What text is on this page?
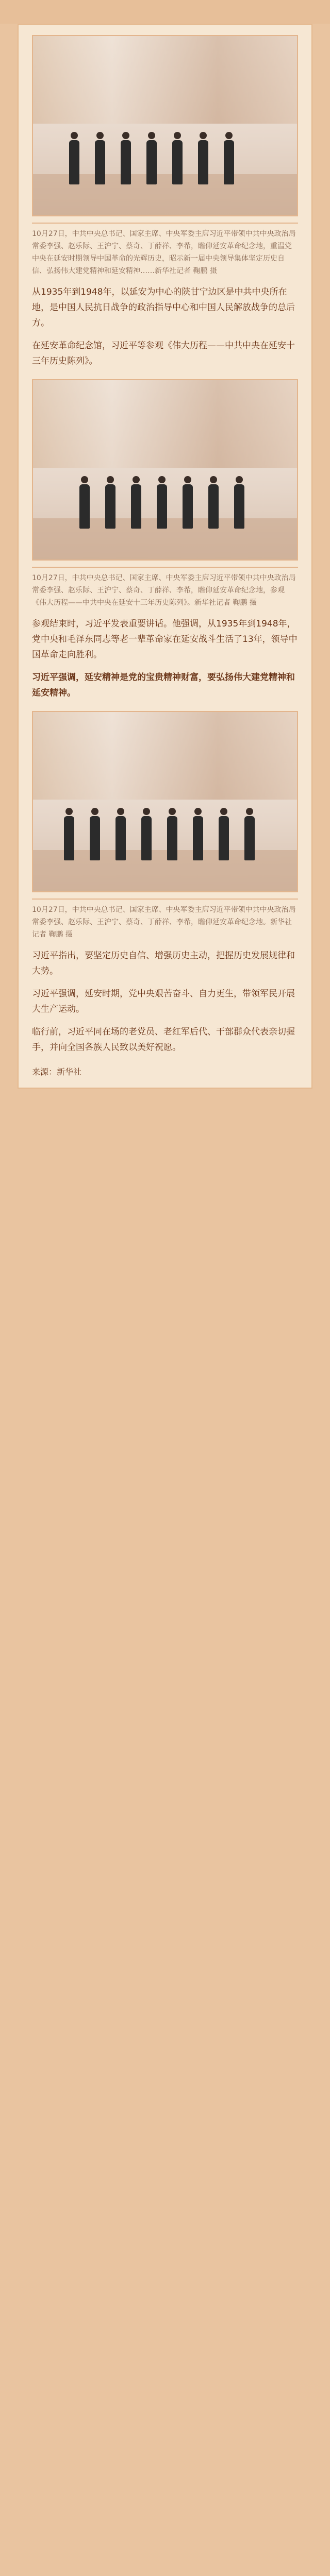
10月27日，中共中央总书记、国家主席、中央军委主席习近平带领中共中央政治局常委李强、赵乐际、王沪宁、蔡奇、丁薛祥、李希，瞻仰延安革命纪念地，重温党中央在延安时期领导中国革命的光辉历史，昭示新一届中央领导集体坚定历史自信、弘扬伟大建党精神和延安精神……新华社记者 鞠鹏 摄

从1935年到1948年，以延安为中心的陕甘宁边区是中共中央所在地，是中国人民抗日战争的政治指导中心和中国人民解放战争的总后方。

在延安革命纪念馆，习近平等参观《伟大历程——中共中央在延安十三年历史陈列》。

10月27日，中共中央总书记、国家主席、中央军委主席习近平带领中共中央政治局常委李强、赵乐际、王沪宁、蔡奇、丁薛祥、李希，瞻仰延安革命纪念地，参观《伟大历程——中共中央在延安十三年历史陈列》。新华社记者 鞠鹏 摄

参观结束时，习近平发表重要讲话。他强调，从1935年到1948年，党中央和毛泽东同志等老一辈革命家在延安战斗生活了13年，领导中国革命走向胜利。

习近平强调，延安精神是党的宝贵精神财富，要弘扬伟大建党精神和延安精神。

10月27日，中共中央总书记、国家主席、中央军委主席习近平带领中共中央政治局常委李强、赵乐际、王沪宁、蔡奇、丁薛祥、李希，瞻仰延安革命纪念地。新华社记者 鞠鹏 摄

习近平指出，要坚定历史自信、增强历史主动，把握历史发展规律和大势。

习近平强调，延安时期，党中央艰苦奋斗、自力更生，带领军民开展大生产运动。

临行前，习近平同在场的老党员、老红军后代、干部群众代表亲切握手，并向全国各族人民致以美好祝愿。

来源：新华社
